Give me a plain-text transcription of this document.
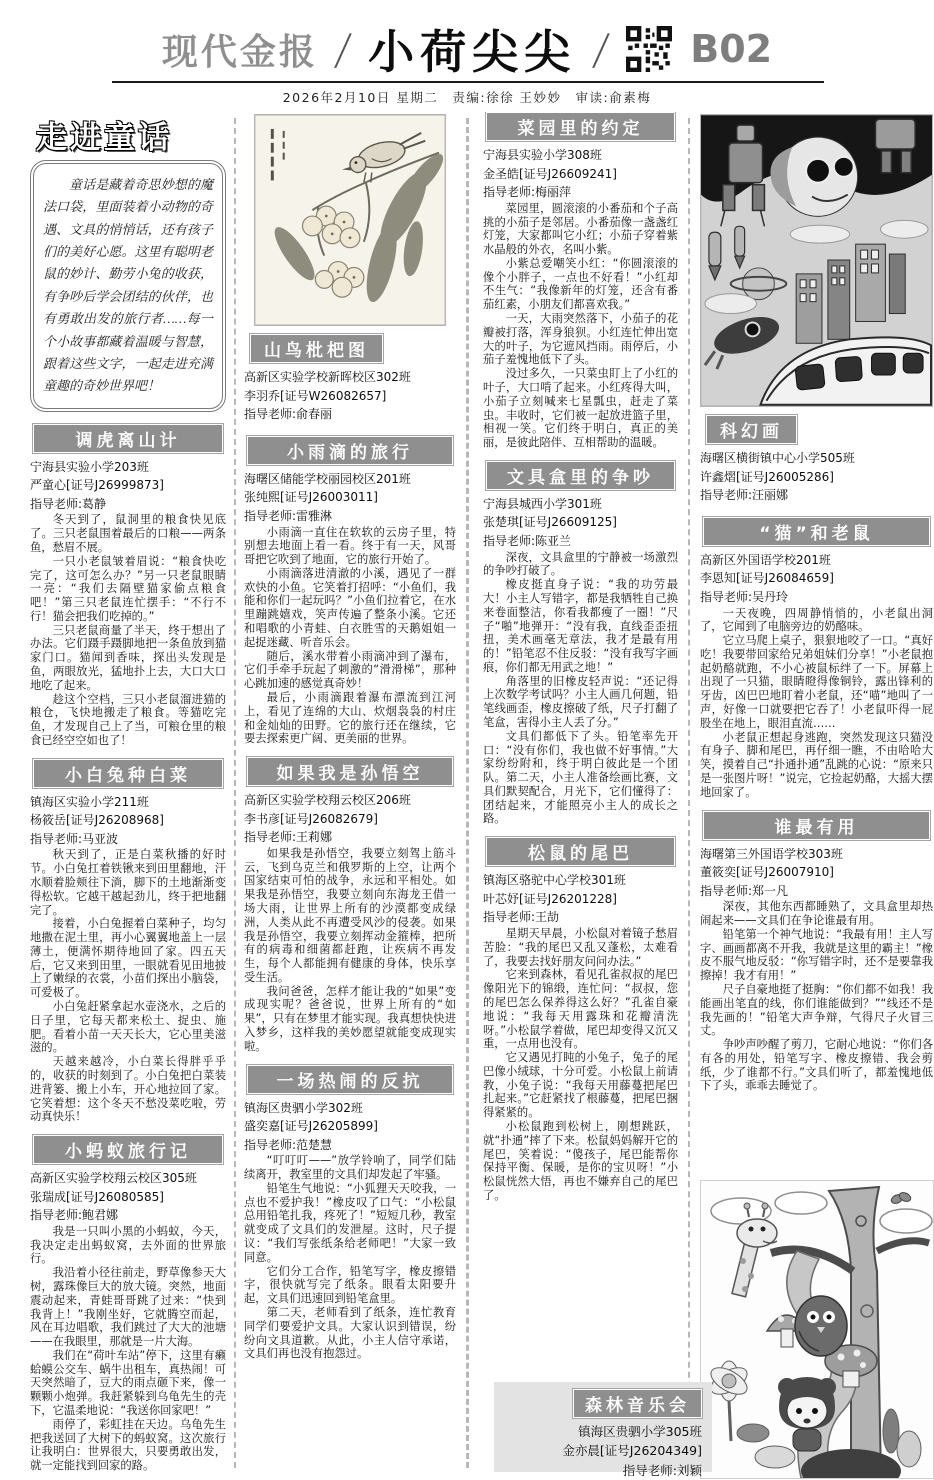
现代金报 / 小荷尖尖 / B02
2026年2月10日 星期二　责编:徐徐 王妙妙　审读:俞素梅
走进童话
童话是藏着奇思妙想的魔法口袋，里面装着小动物的奇遇、文具的悄悄话，还有孩子们的美好心愿。这里有聪明老鼠的妙计、勤劳小兔的收获，有争吵后学会团结的伙伴，也有勇敢出发的旅行者……每一个小故事都藏着温暖与智慧，跟着这些文字，一起走进充满童趣的奇妙世界吧！
调虎离山计
宁海县实验小学203班
严童心[证号J26999873]
指导老师:葛静

冬天到了，鼠洞里的粮食快见底了。三只老鼠围着最后的口粮——两条鱼，愁眉不展。

一只小老鼠皱着眉说：“粮食快吃完了，这可怎么办？”另一只老鼠眼睛一亮：“我们去隔壁猫家偷点粮食吧！”第三只老鼠连忙摆手：“不行不行！猫会把我们吃掉的。”

三只老鼠商量了半天，终于想出了办法。它们蹑手蹑脚地把一条鱼放到猫家门口。猫闻到香味，探出头发现是鱼，两眼放光，猛地扑上去，大口大口地吃了起来。

趁这个空档，三只小老鼠溜进猫的粮仓，飞快地搬走了粮食。等猫吃完鱼，才发现自己上了当，可粮仓里的粮食已经空空如也了！

小白兔种白菜
镇海区实验小学211班
杨筱岳[证号J26208968]
指导老师:马亚波

秋天到了，正是白菜秋播的好时节。小白兔扛着铁锹来到田里翻地，汗水顺着脸颊往下淌，脚下的土地渐渐变得松软。它越干越起劲儿，终于把地翻完了。

接着，小白兔握着白菜种子，均匀地撒在泥土里，再小心翼翼地盖上一层薄土，便满怀期待地回了家。四五天后，它又来到田里，一眼就看见田地披上了嫩绿的衣裳，小苗们探出小脑袋，可爱极了。

小白兔赶紧拿起水壶浇水，之后的日子里，它每天都来松土、捉虫、施肥。看着小苗一天天长大，它心里美滋滋的。

天越来越冷，小白菜长得胖乎乎的，收获的时刻到了。小白兔把白菜装进背篓、搬上小车，开心地拉回了家。它笑着想：这个冬天不愁没菜吃啦，劳动真快乐！

小蚂蚁旅行记
高新区实验学校翔云校区305班
张瑞成[证号J26080585]
指导老师:鲍君娜

我是一只叫小黑的小蚂蚁，今天，我决定走出蚂蚁窝，去外面的世界旅行。

我沿着小径往前走，野草像参天大树，露珠像巨大的放大镜。突然，地面震动起来，青蛙哥哥跳了过来：“快到我背上！”我刚坐好，它就腾空而起，风在耳边唱歌，我们跳过了大大的池塘——在我眼里，那就是一片大海。

我们在“荷叶车站”停下，这里有癞蛤蟆公交车、蜗牛出租车，真热闹！可天突然暗了，豆大的雨点砸下来，像一颗颗小炮弹。我赶紧躲到乌龟先生的壳下，它温柔地说：“我送你回家吧！”

雨停了，彩虹挂在天边。乌龟先生把我送回了大树下的蚂蚁窝。这次旅行让我明白：世界很大，只要勇敢出发，就一定能找到回家的路。

山鸟枇杷图
高新区实验学校新晖校区302班
李羽乔[证号W26082657]
指导老师:俞春丽
小雨滴的旅行
海曙区储能学校丽园校区201班
张纯熙[证号J26003011]
指导老师:雷雅淋

小雨滴一直住在软软的云房子里，特别想去地面上看一看。终于有一天，风哥哥把它吹到了地面，它的旅行开始了。

小雨滴落进清澈的小溪，遇见了一群欢快的小鱼。它笑着打招呼：“小鱼们，我能和你们一起玩吗？”小鱼们拉着它，在水里蹦跳嬉戏，笑声传遍了整条小溪。它还和唱歌的小青蛙、白衣胜雪的天鹅姐姐一起捉迷藏、听音乐会。

随后，溪水带着小雨滴冲到了瀑布，它们手牵手玩起了刺激的“滑滑梯”，那种心跳加速的感觉真奇妙！

最后，小雨滴跟着瀑布漂流到江河上，看见了连绵的大山、炊烟袅袅的村庄和金灿灿的田野。它的旅行还在继续，它要去探索更广阔、更美丽的世界。

如果我是孙悟空
高新区实验学校翔云校区206班
李书彦[证号J26082679]
指导老师:王莉娜

如果我是孙悟空，我要立刻驾上筋斗云，飞到乌克兰和俄罗斯的上空，让两个国家结束可怕的战争，永远和平相处。如果我是孙悟空，我要立刻向东海龙王借一场大雨，让世界上所有的沙漠都变成绿洲，人类从此不再遭受风沙的侵袭。如果我是孙悟空，我要立刻挥动金箍棒，把所有的病毒和细菌都赶跑，让疾病不再发生，每个人都能拥有健康的身体，快乐享受生活。

我问爸爸，怎样才能让我的“如果”变成现实呢？爸爸说，世界上所有的“如果”，只有在梦里才能实现。我真想快快进入梦乡，这样我的美妙愿望就能变成现实啦。

一场热闹的反抗
镇海区贵驷小学302班
盛奕嘉[证号J26205899]
指导老师:范楚慧

“叮叮叮——”放学铃响了，同学们陆续离开，教室里的文具们却发起了牢骚。

铅笔生气地说：“小狐狸天天咬我，一点也不爱护我！”橡皮叹了口气：“小松鼠总用铅笔扎我，疼死了！”短短几秒，教室就变成了文具们的发泄屋。这时，尺子提议：“我们写张纸条给老师吧！”大家一致同意。

它们分工合作，铅笔写字，橡皮擦错字，很快就写完了纸条。眼看太阳要升起，文具们迅速回到铅笔盒里。

第二天，老师看到了纸条，连忙教育同学们要爱护文具。大家认识到错误，纷纷向文具道歉。从此，小主人信守承诺，文具们再也没有抱怨过。

菜园里的约定
宁海县实验小学308班
金圣皓[证号J26609241]
指导老师:梅丽萍

菜园里，圆滚滚的小番茄和个子高挑的小茄子是邻居。小番茄像一盏盏红灯笼，大家都叫它小红；小茄子穿着紫水晶般的外衣，名叫小紫。

小紫总爱嘲笑小红：“你圆滚滚的像个小胖子，一点也不好看！”小红却不生气：“我像新年的灯笼，还含有番茄红素，小朋友们都喜欢我。”

一天，大雨突然落下，小茄子的花瓣被打落，浑身狼狈。小红连忙伸出宽大的叶子，为它遮风挡雨。雨停后，小茄子羞愧地低下了头。

没过多久，一只菜虫盯上了小红的叶子，大口啃了起来。小红疼得大叫，小茄子立刻喊来七星瓢虫，赶走了菜虫。丰收时，它们被一起放进篮子里，相视一笑。它们终于明白，真正的美丽，是彼此陪伴、互相帮助的温暖。

文具盒里的争吵
宁海县城西小学301班
张楚琪[证号J26609125]
指导老师:陈亚兰

深夜，文具盒里的宁静被一场激烈的争吵打破了。

橡皮挺直身子说：“我的功劳最大！小主人写错字，都是我牺牲自己换来卷面整洁，你看我都瘦了一圈！”尺子“啪”地弹开：“没有我，直线歪歪扭扭，美术画毫无章法，我才是最有用的！”铅笔忍不住反驳：“没有我写字画痕，你们都无用武之地！”

角落里的旧橡皮轻声说：“还记得上次数学考试吗？小主人画几何题，铅笔线画歪，橡皮擦破了纸，尺子打翻了笔盒，害得小主人丢了分。”

文具们都低下了头。铅笔率先开口：“没有你们，我也做不好事情。”大家纷纷附和，终于明白彼此是一个团队。第二天，小主人准备绘画比赛，文具们默契配合，月光下，它们懂得了：团结起来，才能照亮小主人的成长之路。

松鼠的尾巴
镇海区骆驼中心学校301班
叶芯妤[证号J26201228]
指导老师:王劼

星期天早晨，小松鼠对着镜子愁眉苦脸：“我的尾巴又乱又蓬松，太难看了，我要去找好朋友问问办法。”

它来到森林，看见孔雀叔叔的尾巴像阳光下的锦缎，连忙问：“叔叔，您的尾巴怎么保养得这么好？”孔雀自豪地说：“我每天用露珠和花瓣清洗呀。”小松鼠学着做，尾巴却变得又沉又重，一点用也没有。

它又遇见打盹的小兔子，兔子的尾巴像小绒球，十分可爱。小松鼠上前请教，小兔子说：“我每天用藤蔓把尾巴扎起来。”它赶紧找了根藤蔓，把尾巴捆得紧紧的。

小松鼠跑到松树上，刚想跳跃，就“扑通”摔了下来。松鼠妈妈解开它的尾巴，笑着说：“傻孩子，尾巴能帮你保持平衡、保暖，是你的宝贝呀！”小松鼠恍然大悟，再也不嫌弃自己的尾巴了。

科幻画
海曙区横街镇中心小学505班
许鑫熠[证号J26005286]
指导老师:汪丽娜
“猫”和老鼠
高新区外国语学校201班
李恩知[证号J26084659]
指导老师:吴丹玲

一天夜晚，四周静悄悄的，小老鼠出洞了，它闻到了电脑旁边的奶酪味。

它立马爬上桌子，狠狠地咬了一口。“真好吃！我要带回家给兄弟姐妹们分享！”小老鼠抱起奶酪就跑，不小心被鼠标绊了一下。屏幕上出现了一只猫，眼睛瞪得像铜铃，露出锋利的牙齿，凶巴巴地盯着小老鼠，还“喵”地叫了一声，好像一口就要把它吞了！小老鼠吓得一屁股坐在地上，眼泪直流……

小老鼠正想起身逃跑，突然发现这只猫没有身子、脚和尾巴，再仔细一瞧，不由哈哈大笑，摸着自己“扑通扑通”乱跳的心说：“原来只是一张图片呀！”说完，它捡起奶酪，大摇大摆地回家了。

谁最有用
海曙第三外国语学校303班
董筱奕[证号J26007910]
指导老师:郑一凡

深夜，其他东西都睡熟了，文具盒里却热闹起来——文具们在争论谁最有用。

铅笔第一个神气地说：“我最有用！主人写字、画画都离不开我，我就是这里的霸主！”橡皮不服气地反驳：“你写错字时，还不是要靠我擦掉！我才有用！”

尺子自豪地挺了挺胸：“你们都不如我！我能画出笔直的线，你们谁能做到？”“线还不是我先画的！”铅笔大声争辩，气得尺子火冒三丈。

争吵声吵醒了剪刀，它耐心地说：“你们各有各的用处，铅笔写字、橡皮擦错、我会剪纸，少了谁都不行。”文具们听了，都羞愧地低下了头，乖乖去睡觉了。

森林音乐会
镇海区贵驷小学305班
金亦晨[证号J26204349]
指导老师:刘颖
